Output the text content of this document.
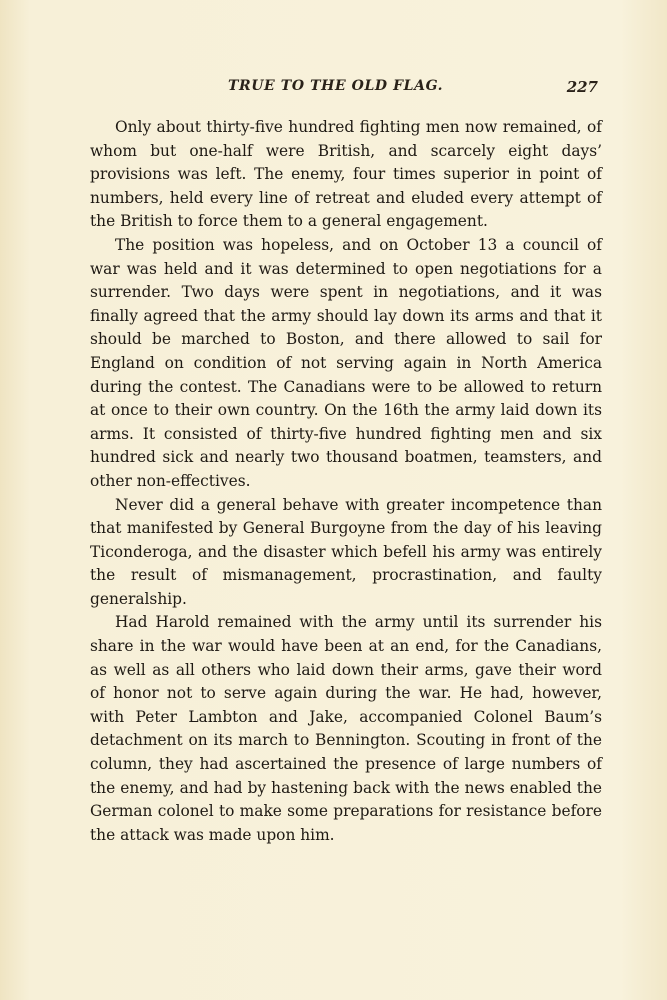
TRUE TO THE OLD FLAG.	227

Only about thirty-five hundred fighting men now remained, of whom but one-half were British, and scarcely eight days’ provisions was left. The enemy, four times superior in point of numbers, held every line of retreat and eluded every attempt of the British to force them to a general engagement.

The position was hopeless, and on October 13 a council of war was held and it was determined to open negotiations for a surrender. Two days were spent in negotiations, and it was finally agreed that the army should lay down its arms and that it should be marched to Boston, and there allowed to sail for England on condition of not serving again in North America during the contest. The Canadians were to be allowed to return at once to their own country. On the 16th the army laid down its arms. It consisted of thirty-five hundred fighting men and six hundred sick and nearly two thousand boatmen, teamsters, and other non-effectives.

Never did a general behave with greater incompetence than that manifested by General Burgoyne from the day of his leaving Ticonderoga, and the disaster which befell his army was entirely the result of mismanagement, procrastination, and faulty generalship.

Had Harold remained with the army until its surrender his share in the war would have been at an end, for the Canadians, as well as all others who laid down their arms, gave their word of honor not to serve again during the war. He had, however, with Peter Lambton and Jake, accompanied Colonel Baum’s detachment on its march to Bennington. Scouting in front of the column, they had ascertained the presence of large numbers of the enemy, and had by hastening back with the news enabled the German colonel to make some preparations for resistance before the attack was made upon him.
